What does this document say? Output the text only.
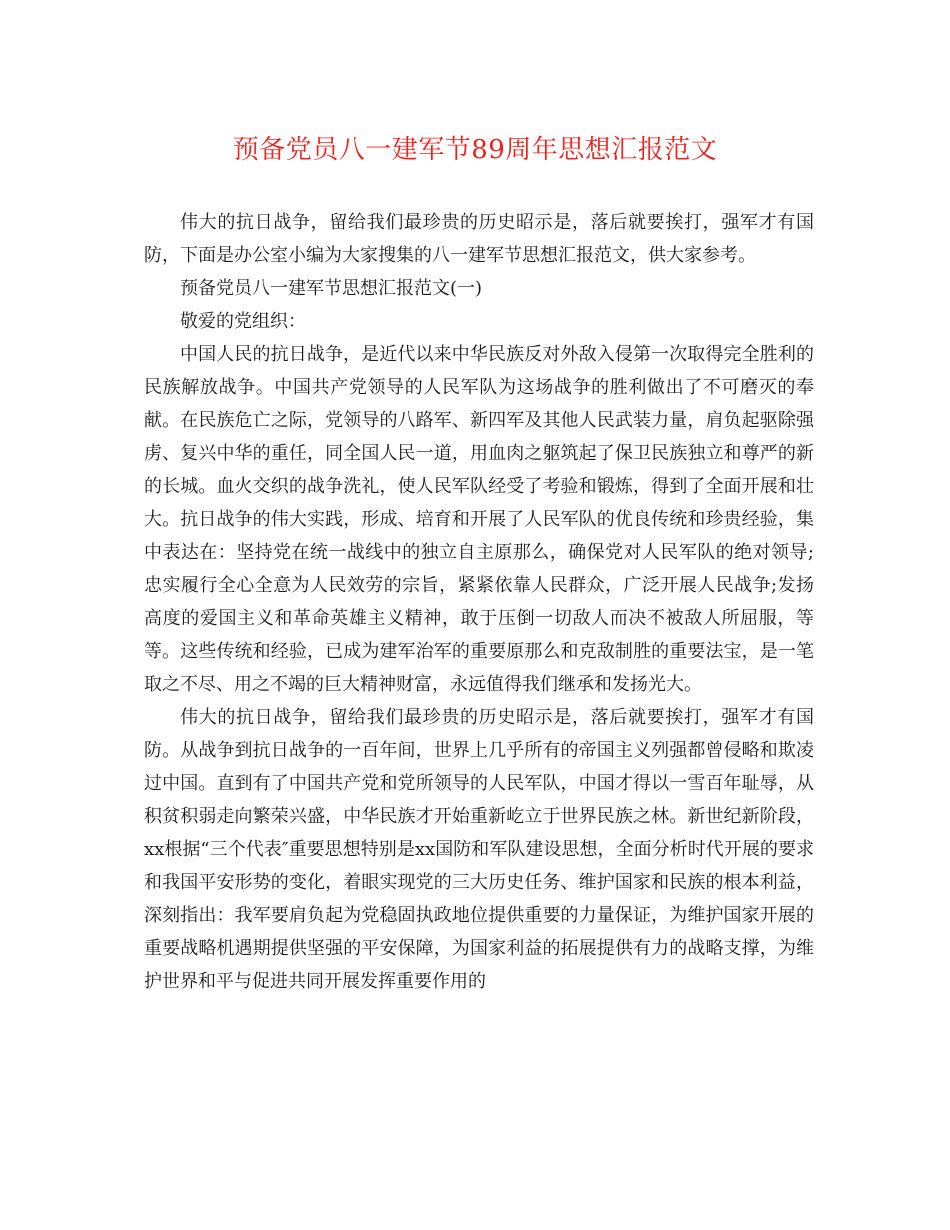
预备党员八一建军节89周年思想汇报范文

伟大的抗日战争，留给我们最珍贵的历史昭示是，落后就要挨打，强军才有国防，下面是办公室小编为大家搜集的八一建军节思想汇报范文，供大家参考。

预备党员八一建军节思想汇报范文(一)

敬爱的党组织：

中国人民的抗日战争，是近代以来中华民族反对外敌入侵第一次取得完全胜利的民族解放战争。中国共产党领导的人民军队为这场战争的胜利做出了不可磨灭的奉献。在民族危亡之际，党领导的八路军、新四军及其他人民武装力量，肩负起驱除强虏、复兴中华的重任，同全国人民一道，用血肉之躯筑起了保卫民族独立和尊严的新的长城。血火交织的战争洗礼，使人民军队经受了考验和锻炼，得到了全面开展和壮大。抗日战争的伟大实践，形成、培育和开展了人民军队的优良传统和珍贵经验，集中表达在：坚持党在统一战线中的独立自主原那么，确保党对人民军队的绝对领导;忠实履行全心全意为人民效劳的宗旨，紧紧依靠人民群众，广泛开展人民战争;发扬高度的爱国主义和革命英雄主义精神，敢于压倒一切敌人而决不被敌人所屈服，等等。这些传统和经验，已成为建军治军的重要原那么和克敌制胜的重要法宝，是一笔取之不尽、用之不竭的巨大精神财富，永远值得我们继承和发扬光大。

伟大的抗日战争，留给我们最珍贵的历史昭示是，落后就要挨打，强军才有国防。从战争到抗日战争的一百年间，世界上几乎所有的帝国主义列强都曾侵略和欺凌过中国。直到有了中国共产党和党所领导的人民军队，中国才得以一雪百年耻辱，从积贫积弱走向繁荣兴盛，中华民族才开始重新屹立于世界民族之林。新世纪新阶段，xx根据“三个代表″重要思想特别是xx国防和军队建设思想，全面分析时代开展的要求和我国平安形势的变化，着眼实现党的三大历史任务、维护国家和民族的根本利益，深刻指出：我军要肩负起为党稳固执政地位提供重要的力量保证，为维护国家开展的重要战略机遇期提供坚强的平安保障，为国家利益的拓展提供有力的战略支撑，为维护世界和平与促进共同开展发挥重要作用的
